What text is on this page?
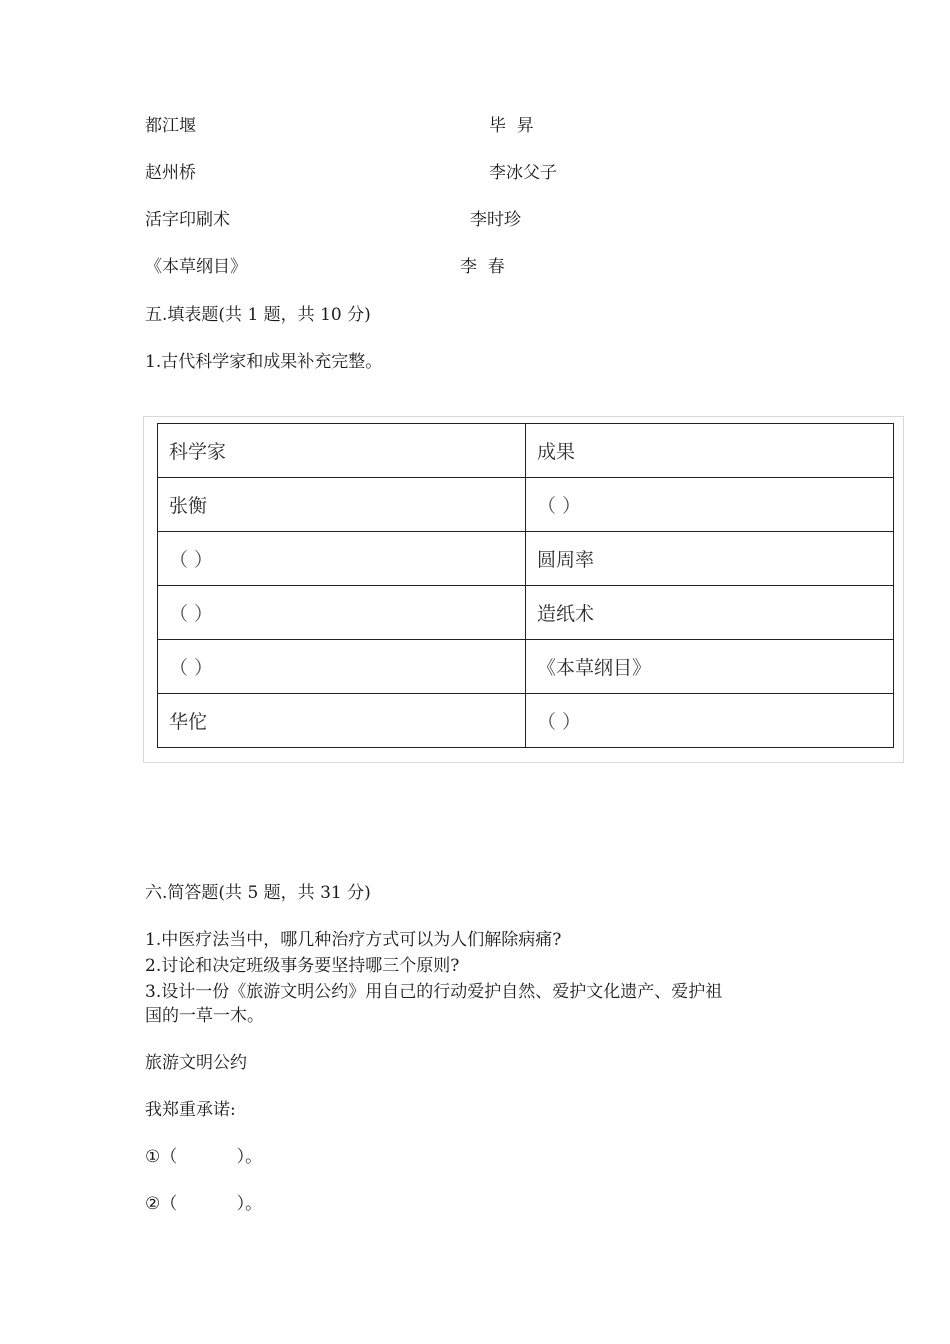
都江堰	毕  昇
赵州桥	李冰父子
活字印刷术	李时珍
《本草纲目》	李  春
五.填表题(共 1 题，共 10 分)
1.古代科学家和成果补充完整。
科学家	成果
张衡	（ ）
（ ）	圆周率
（ ）	造纸术
（ ）	《本草纲目》
华佗	（ ）
六.简答题(共 5 题，共 31 分)
1.中医疗法当中，哪几种治疗方式可以为人们解除病痛?
2.讨论和决定班级事务要坚持哪三个原则?
3.设计一份《旅游文明公约》用自己的行动爱护自然、爱护文化遗产、爱护祖
国的一草一木。
旅游文明公约
我郑重承诺:
①（           ）。
②（           ）。
